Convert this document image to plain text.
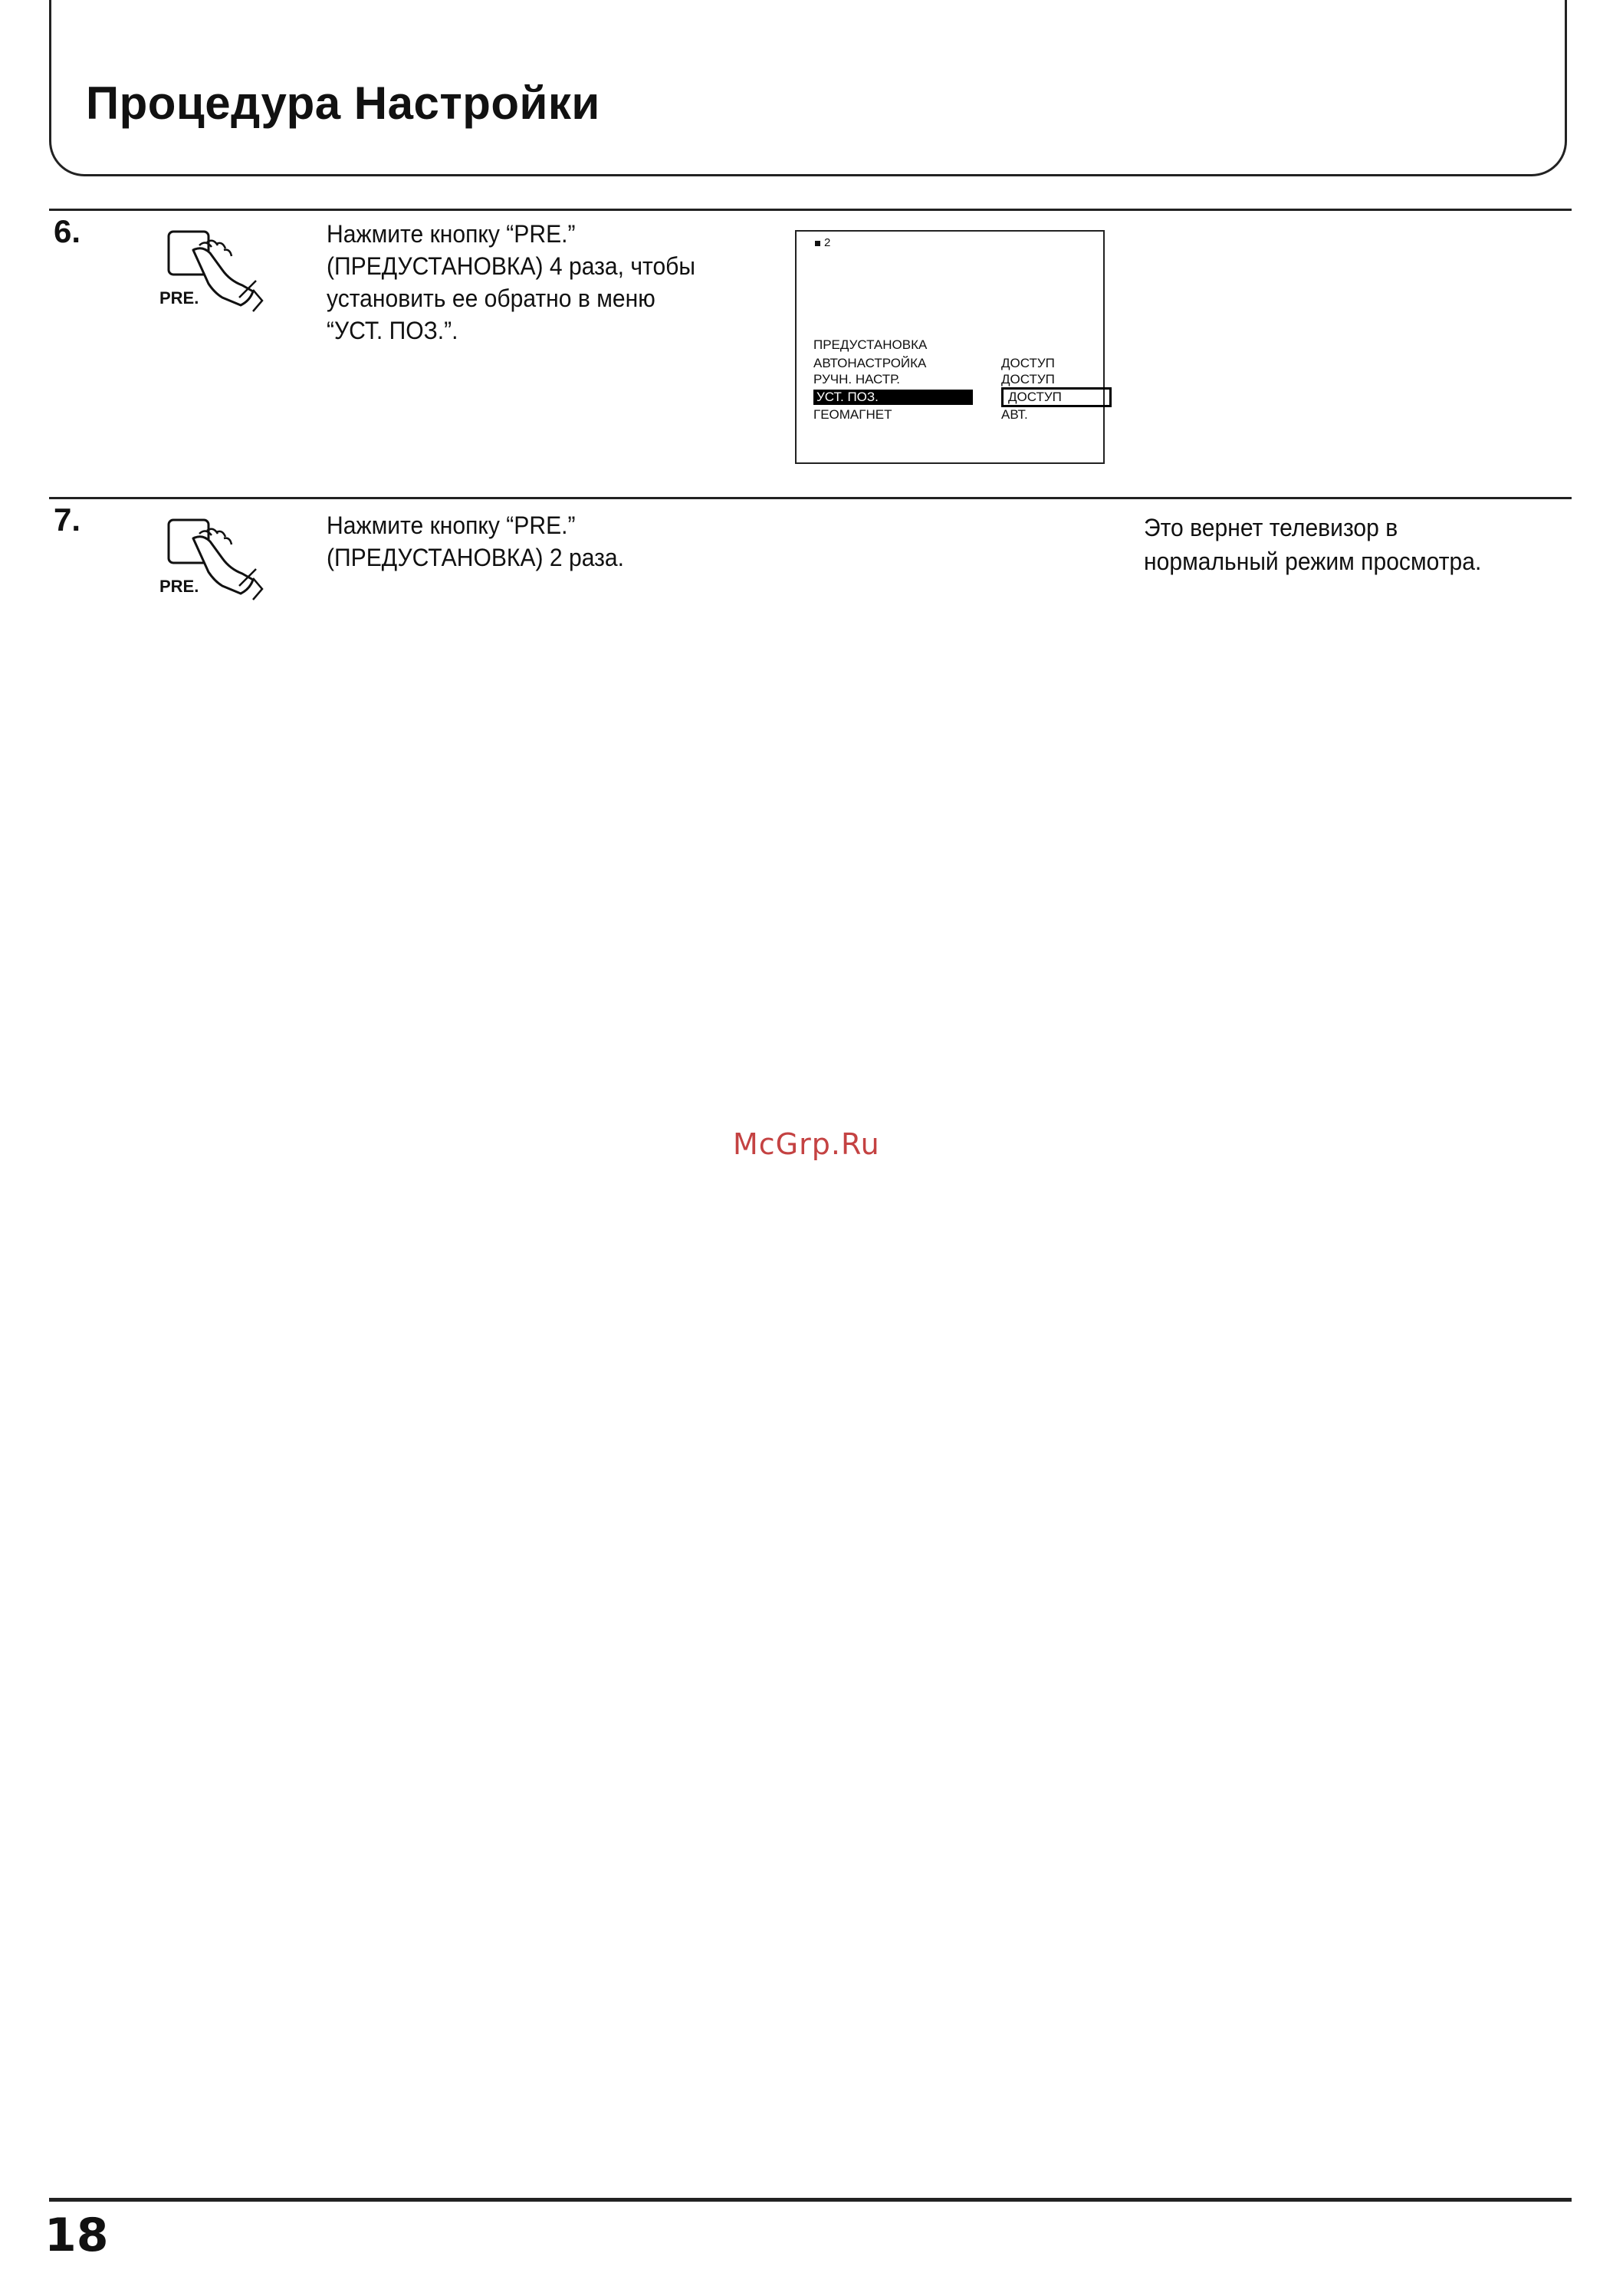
Процедура Настройки
6.
PRE.
Нажмите кнопку “PRE.”
(ПРЕДУСТАНОВКА) 4 раза, чтобы
установить ее обратно в меню
“УСТ. ПОЗ.”.
2
ПРЕДУСТАНОВКА
АВТОНАСТРОЙКА	ДОСТУП
РУЧН. НАСТР.	ДОСТУП
УСТ. ПОЗ.	ДОСТУП
ГЕОМАГНЕТ	АВТ.
7.
PRE.
Нажмите кнопку “PRE.”
(ПРЕДУСТАНОВКА) 2 раза.
Это вернет телевизор в
нормальный режим просмотра.
McGrp.Ru
18
